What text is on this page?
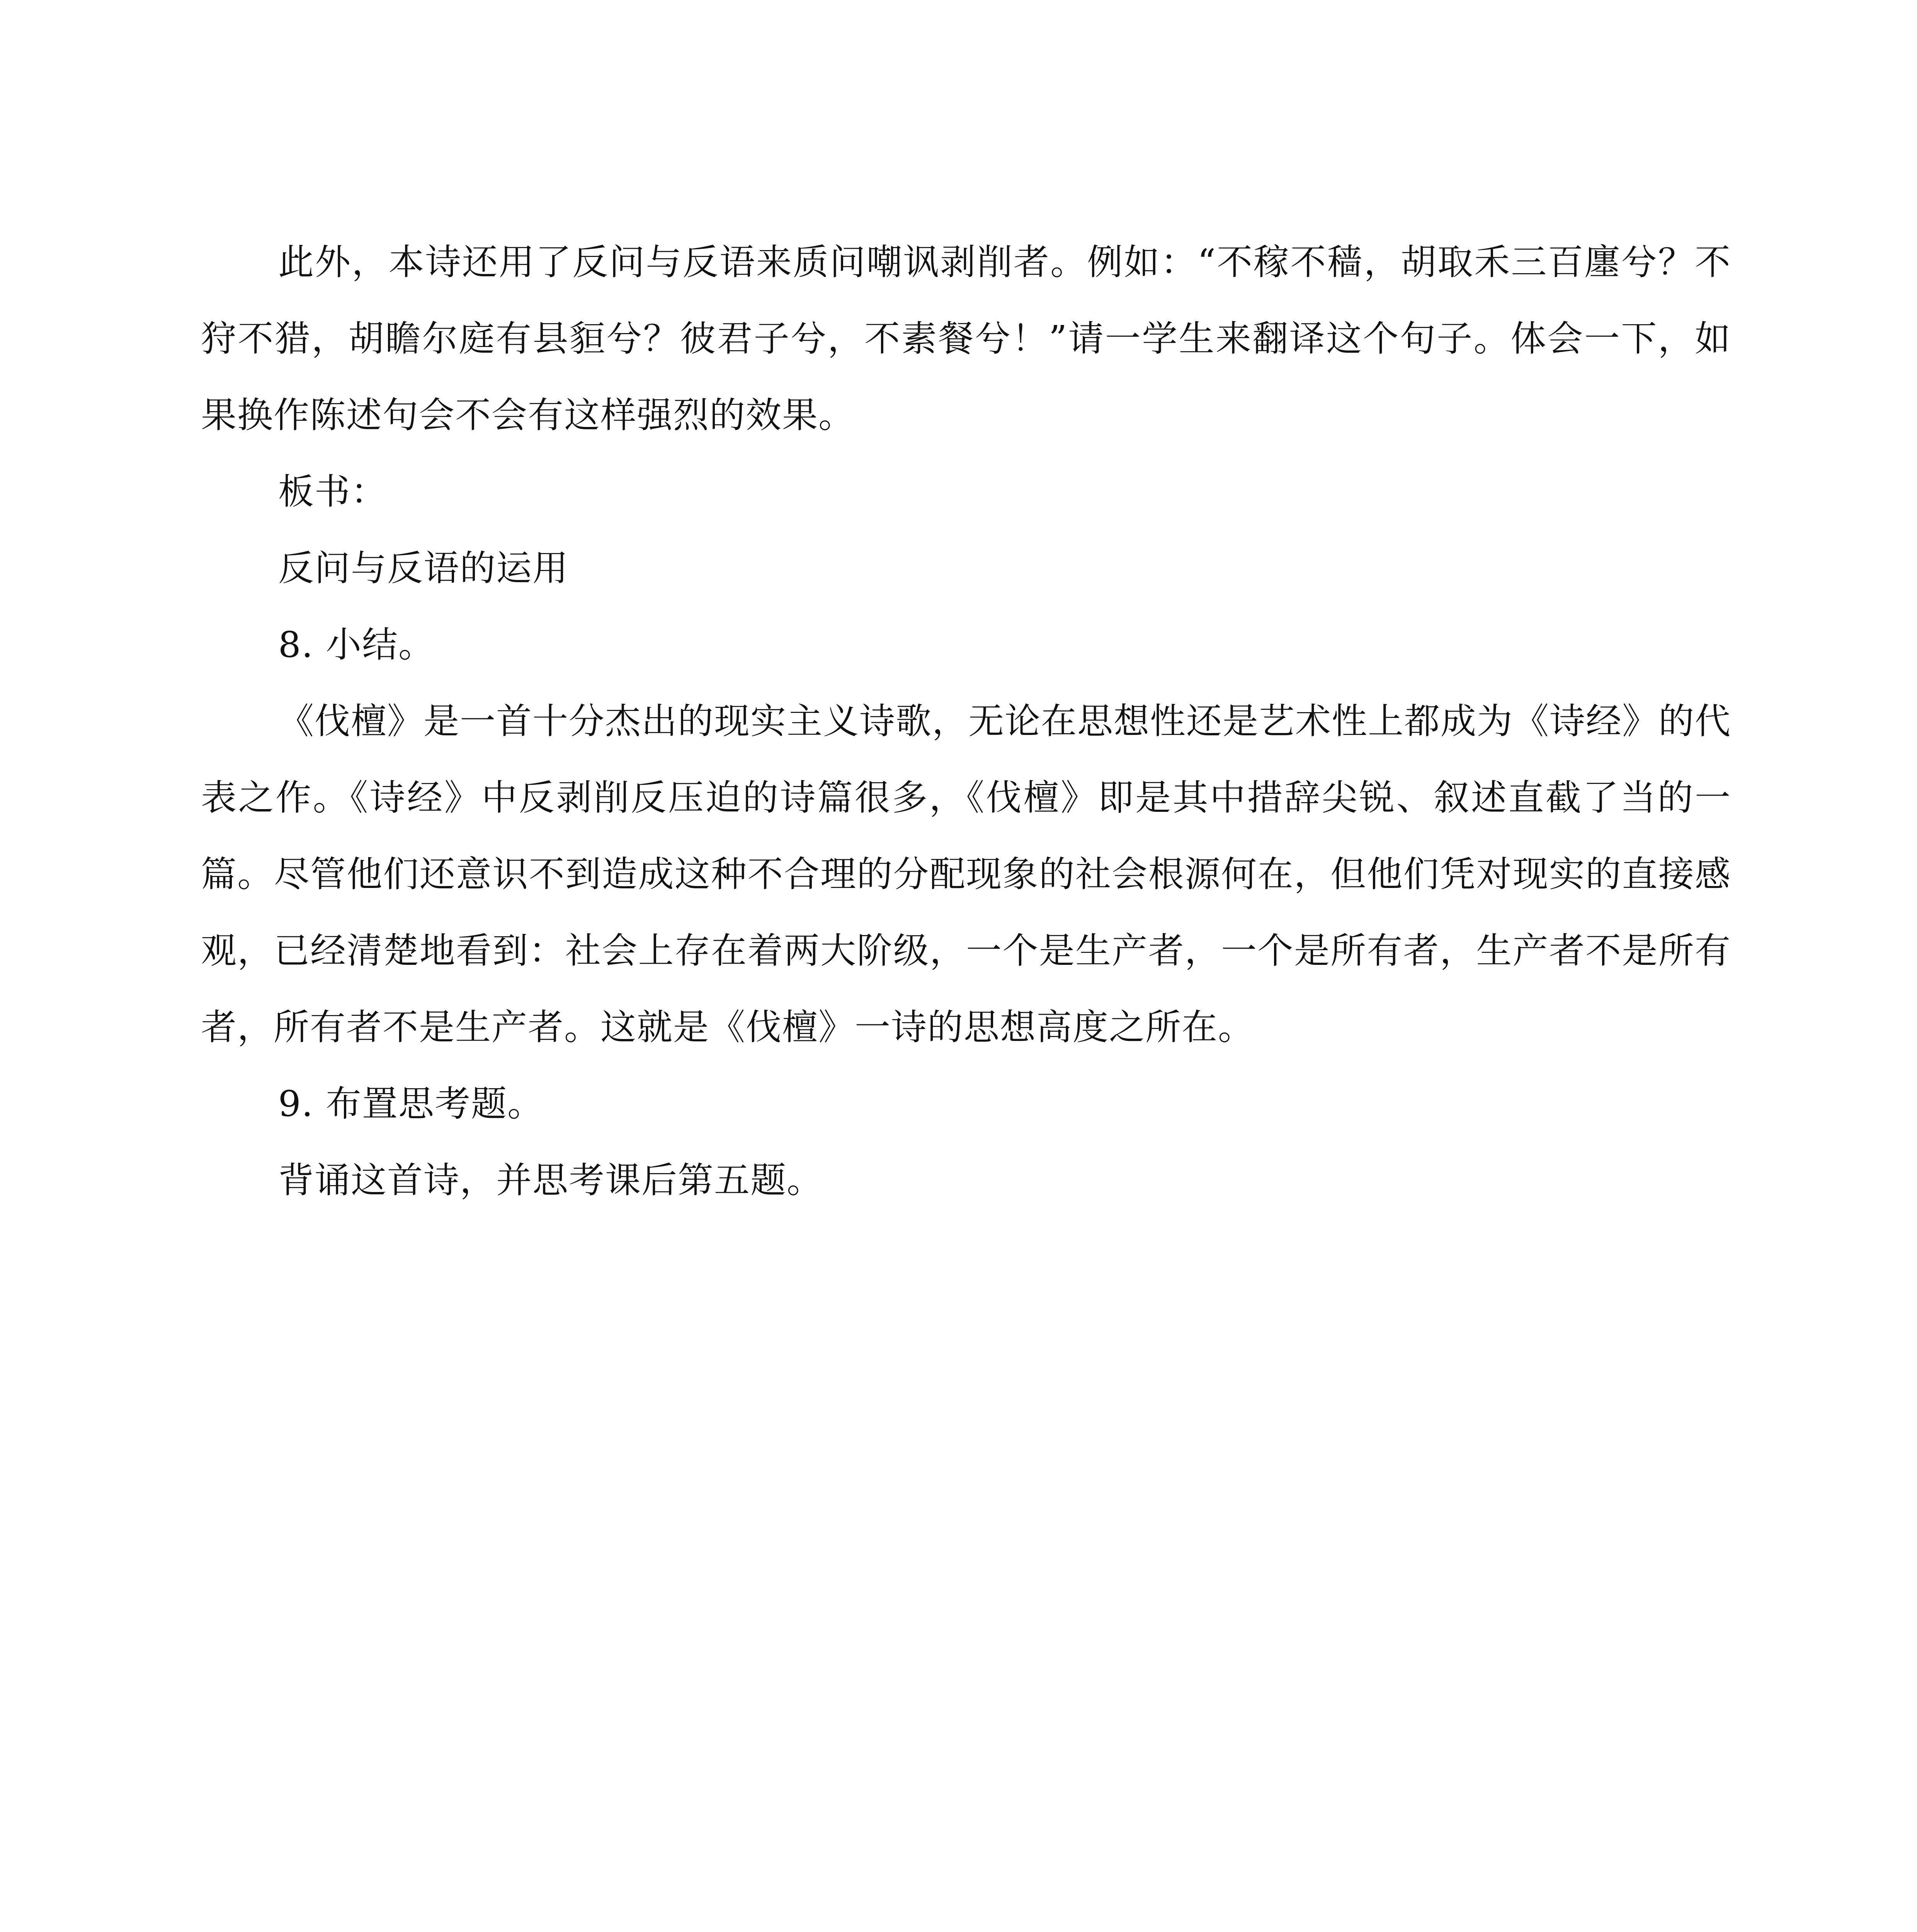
此外，本诗还用了反问与反语来质问嘲讽剥削者。例如：“不稼不穑，胡取禾三百廛兮？不狩不猎，胡瞻尔庭有县貆兮？彼君子兮，不素餐兮！”请一学生来翻译这个句子。体会一下，如果换作陈述句会不会有这样强烈的效果。

板书：

反问与反语的运用

8. 小结。

《伐檀》是一首十分杰出的现实主义诗歌，无论在思想性还是艺术性上都成为《诗经》的代表之作。《诗经》中反剥削反压迫的诗篇很多，《伐檀》即是其中措辞尖锐、叙述直截了当的一篇。尽管他们还意识不到造成这种不合理的分配现象的社会根源何在，但他们凭对现实的直接感观，已经清楚地看到：社会上存在着两大阶级，一个是生产者，一个是所有者，生产者不是所有者，所有者不是生产者。这就是《伐檀》一诗的思想高度之所在。

9. 布置思考题。

背诵这首诗，并思考课后第五题。
